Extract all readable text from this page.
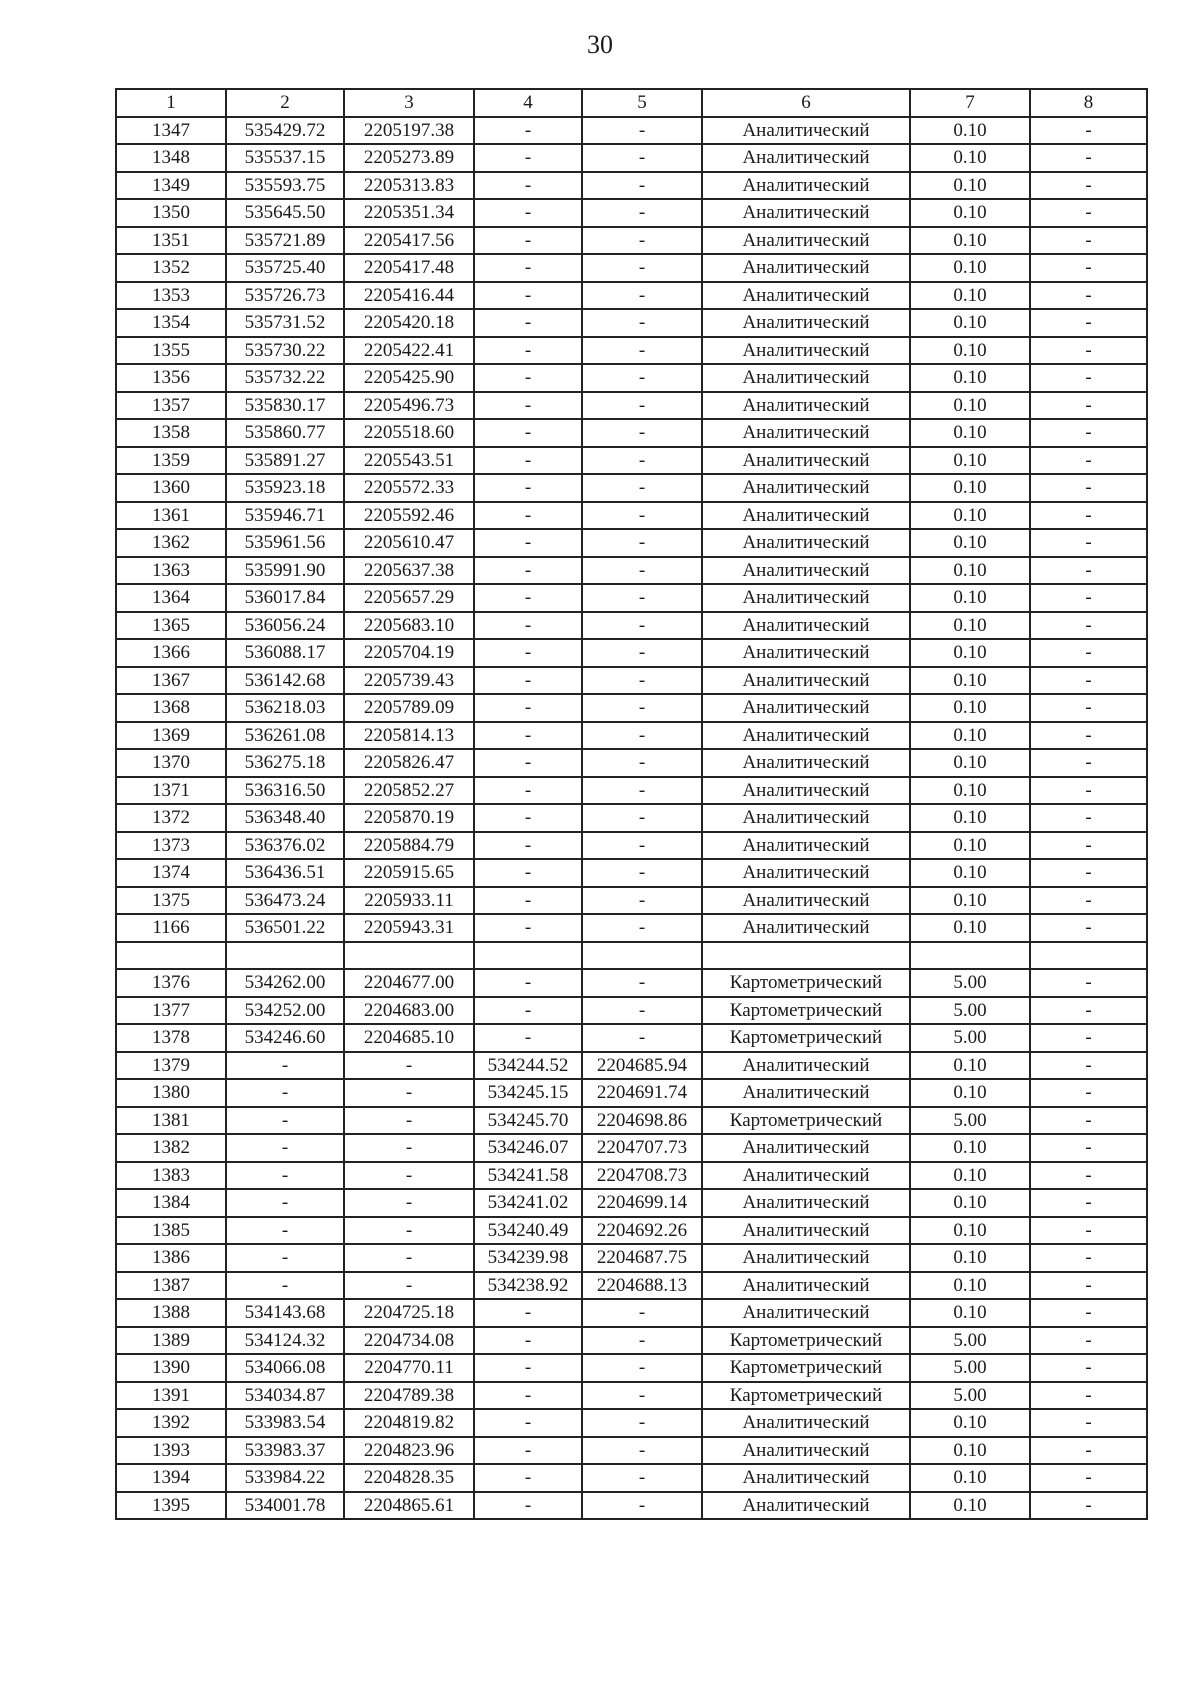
30
1	2	3	4	5	6	7	8
1347	535429.72	2205197.38	-	-	Аналитический	0.10	-
1348	535537.15	2205273.89	-	-	Аналитический	0.10	-
1349	535593.75	2205313.83	-	-	Аналитический	0.10	-
1350	535645.50	2205351.34	-	-	Аналитический	0.10	-
1351	535721.89	2205417.56	-	-	Аналитический	0.10	-
1352	535725.40	2205417.48	-	-	Аналитический	0.10	-
1353	535726.73	2205416.44	-	-	Аналитический	0.10	-
1354	535731.52	2205420.18	-	-	Аналитический	0.10	-
1355	535730.22	2205422.41	-	-	Аналитический	0.10	-
1356	535732.22	2205425.90	-	-	Аналитический	0.10	-
1357	535830.17	2205496.73	-	-	Аналитический	0.10	-
1358	535860.77	2205518.60	-	-	Аналитический	0.10	-
1359	535891.27	2205543.51	-	-	Аналитический	0.10	-
1360	535923.18	2205572.33	-	-	Аналитический	0.10	-
1361	535946.71	2205592.46	-	-	Аналитический	0.10	-
1362	535961.56	2205610.47	-	-	Аналитический	0.10	-
1363	535991.90	2205637.38	-	-	Аналитический	0.10	-
1364	536017.84	2205657.29	-	-	Аналитический	0.10	-
1365	536056.24	2205683.10	-	-	Аналитический	0.10	-
1366	536088.17	2205704.19	-	-	Аналитический	0.10	-
1367	536142.68	2205739.43	-	-	Аналитический	0.10	-
1368	536218.03	2205789.09	-	-	Аналитический	0.10	-
1369	536261.08	2205814.13	-	-	Аналитический	0.10	-
1370	536275.18	2205826.47	-	-	Аналитический	0.10	-
1371	536316.50	2205852.27	-	-	Аналитический	0.10	-
1372	536348.40	2205870.19	-	-	Аналитический	0.10	-
1373	536376.02	2205884.79	-	-	Аналитический	0.10	-
1374	536436.51	2205915.65	-	-	Аналитический	0.10	-
1375	536473.24	2205933.11	-	-	Аналитический	0.10	-
1166	536501.22	2205943.31	-	-	Аналитический	0.10	-

1376	534262.00	2204677.00	-	-	Картометрический	5.00	-
1377	534252.00	2204683.00	-	-	Картометрический	5.00	-
1378	534246.60	2204685.10	-	-	Картометрический	5.00	-
1379	-	-	534244.52	2204685.94	Аналитический	0.10	-
1380	-	-	534245.15	2204691.74	Аналитический	0.10	-
1381	-	-	534245.70	2204698.86	Картометрический	5.00	-
1382	-	-	534246.07	2204707.73	Аналитический	0.10	-
1383	-	-	534241.58	2204708.73	Аналитический	0.10	-
1384	-	-	534241.02	2204699.14	Аналитический	0.10	-
1385	-	-	534240.49	2204692.26	Аналитический	0.10	-
1386	-	-	534239.98	2204687.75	Аналитический	0.10	-
1387	-	-	534238.92	2204688.13	Аналитический	0.10	-
1388	534143.68	2204725.18	-	-	Аналитический	0.10	-
1389	534124.32	2204734.08	-	-	Картометрический	5.00	-
1390	534066.08	2204770.11	-	-	Картометрический	5.00	-
1391	534034.87	2204789.38	-	-	Картометрический	5.00	-
1392	533983.54	2204819.82	-	-	Аналитический	0.10	-
1393	533983.37	2204823.96	-	-	Аналитический	0.10	-
1394	533984.22	2204828.35	-	-	Аналитический	0.10	-
1395	534001.78	2204865.61	-	-	Аналитический	0.10	-
